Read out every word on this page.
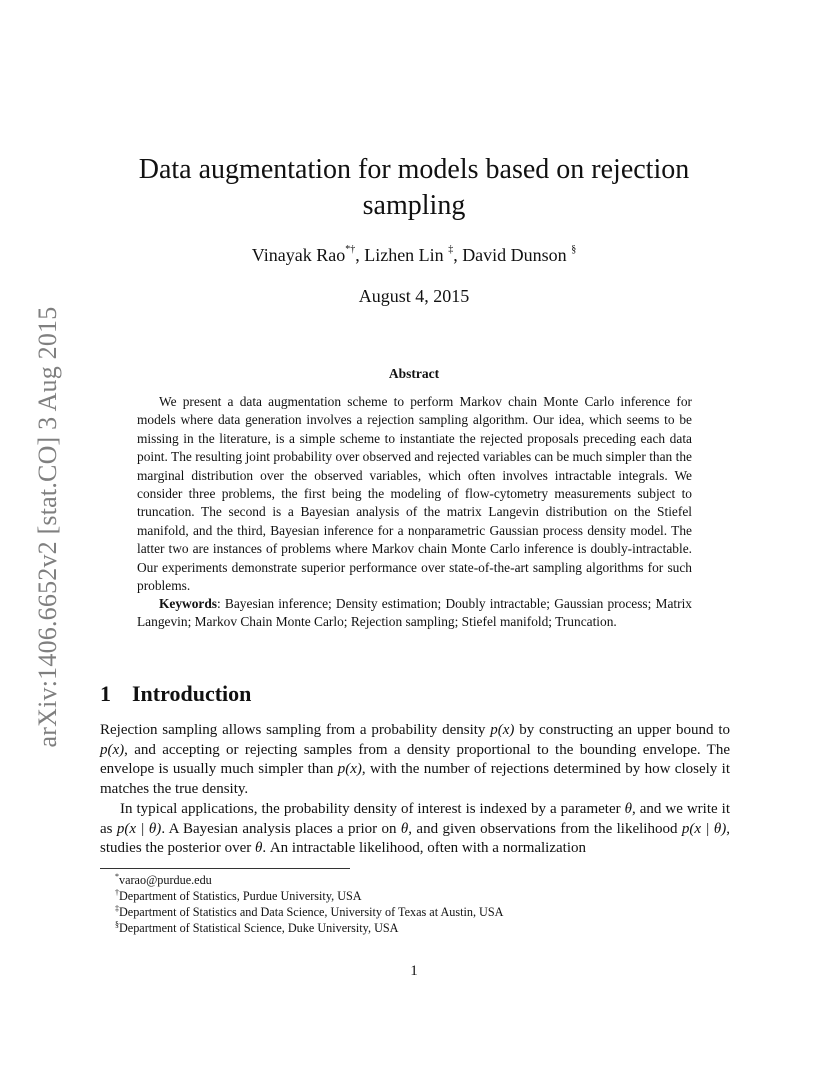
arXiv:1406.6652v2 [stat.CO] 3 Aug 2015
Data augmentation for models based on rejection sampling
Vinayak Rao*†, Lizhen Lin ‡, David Dunson §
August 4, 2015
Abstract
We present a data augmentation scheme to perform Markov chain Monte Carlo inference for models where data generation involves a rejection sampling algorithm. Our idea, which seems to be missing in the literature, is a simple scheme to instantiate the rejected proposals preceding each data point. The resulting joint probability over observed and rejected variables can be much simpler than the marginal distribution over the observed variables, which often involves intractable integrals. We consider three problems, the first being the modeling of flow-cytometry measurements subject to truncation. The second is a Bayesian analysis of the matrix Langevin distribution on the Stiefel manifold, and the third, Bayesian inference for a nonparametric Gaussian process density model. The latter two are instances of problems where Markov chain Monte Carlo inference is doubly-intractable. Our experiments demonstrate superior performance over state-of-the-art sampling algorithms for such problems.
Keywords: Bayesian inference; Density estimation; Doubly intractable; Gaussian process; Matrix Langevin; Markov Chain Monte Carlo; Rejection sampling; Stiefel manifold; Truncation.
1 Introduction
Rejection sampling allows sampling from a probability density p(x) by constructing an upper bound to p(x), and accepting or rejecting samples from a density proportional to the bounding envelope. The envelope is usually much simpler than p(x), with the number of rejections determined by how closely it matches the true density.
In typical applications, the probability density of interest is indexed by a parameter θ, and we write it as p(x | θ). A Bayesian analysis places a prior on θ, and given observations from the likelihood p(x | θ), studies the posterior over θ. An intractable likelihood, often with a normalization
*varao@purdue.edu
†Department of Statistics, Purdue University, USA
‡Department of Statistics and Data Science, University of Texas at Austin, USA
§Department of Statistical Science, Duke University, USA
1
